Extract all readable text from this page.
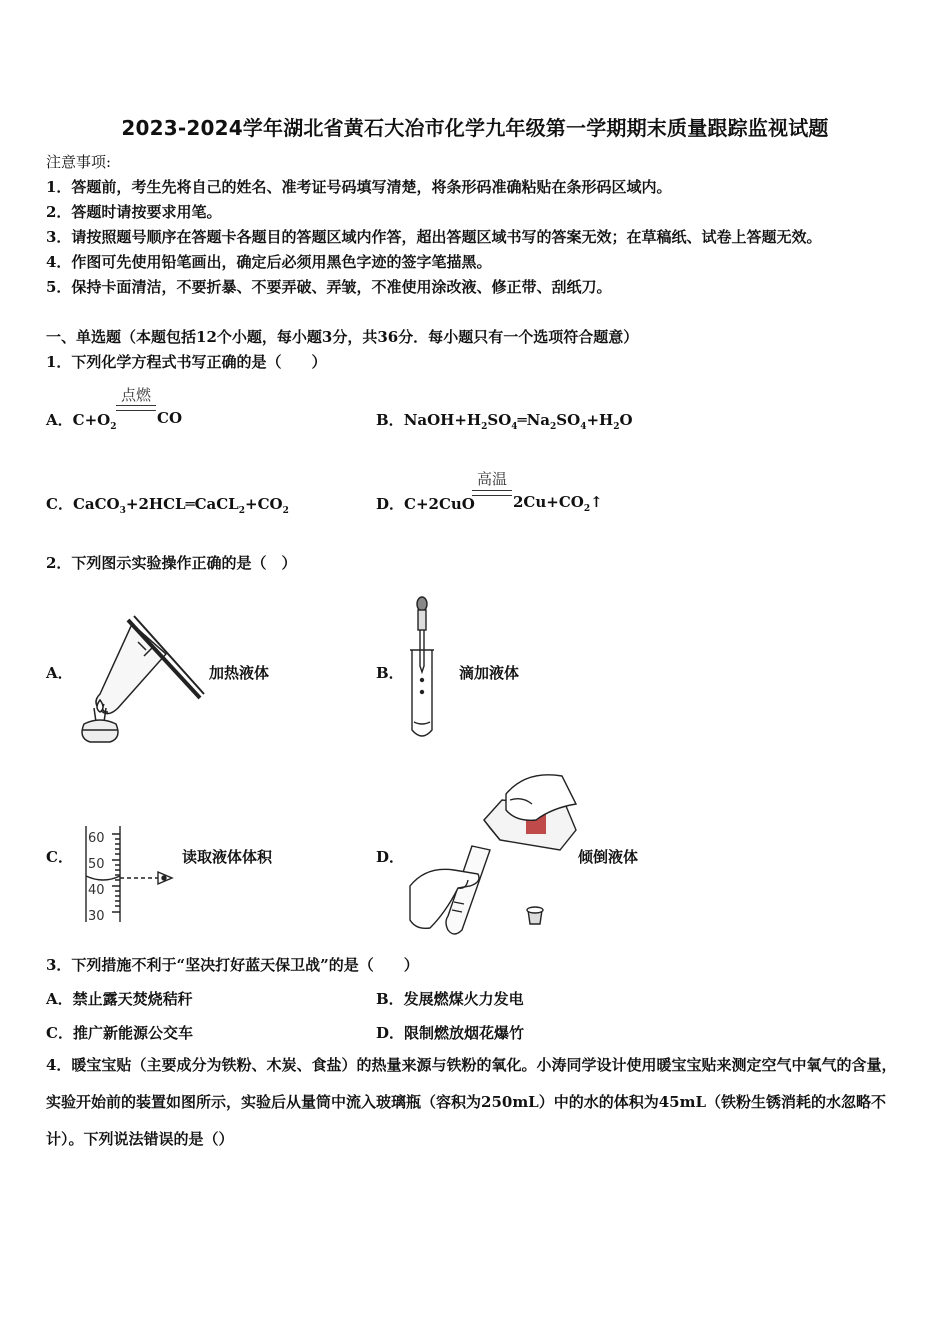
2023-2024学年湖北省黄石大冶市化学九年级第一学期期末质量跟踪监视试题
注意事项:
1．答题前，考生先将自己的姓名、准考证号码填写清楚，将条形码准确粘贴在条形码区域内。
2．答题时请按要求用笔。
3．请按照题号顺序在答题卡各题目的答题区域内作答，超出答题区域书写的答案无效；在草稿纸、试卷上答题无效。
4．作图可先使用铅笔画出，确定后必须用黑色字迹的签字笔描黑。
5．保持卡面清洁，不要折暴、不要弄破、弄皱，不准使用涂改液、修正带、刮纸刀。
一、单选题（本题包括12个小题，每小题3分，共36分．每小题只有一个选项符合题意）
1．下列化学方程式书写正确的是（　　）
A．$C+O_2$
点燃
CO	B．$NaOH+H_2SO_4═Na_2SO_4+H_2O$
C．$CaCO_3+2HCL═CaCL_2+CO_2$	D．C+2CuO
高温
$2Cu+CO_2↑$
2．下列图示实验操作正确的是（　）
A．	加热液体	B．	滴加液体
C．
60
50
40
30
读取液体体积	D．	倾倒液体
3．下列措施不利于“坚决打好蓝天保卫战”的是（　　）
A．禁止露天焚烧秸秆	B．发展燃煤火力发电
C．推广新能源公交车	D．限制燃放烟花爆竹
4．暖宝宝贴（主要成分为铁粉、木炭、食盐）的热量来源与铁粉的氧化。小涛同学设计使用暖宝宝贴来测定空气中氧气的含量，实验开始前的装置如图所示，实验后从量筒中流入玻璃瓶（容积为250mL）中的水的体积为45mL（铁粉生锈消耗的水忽略不计）。下列说法错误的是（）
